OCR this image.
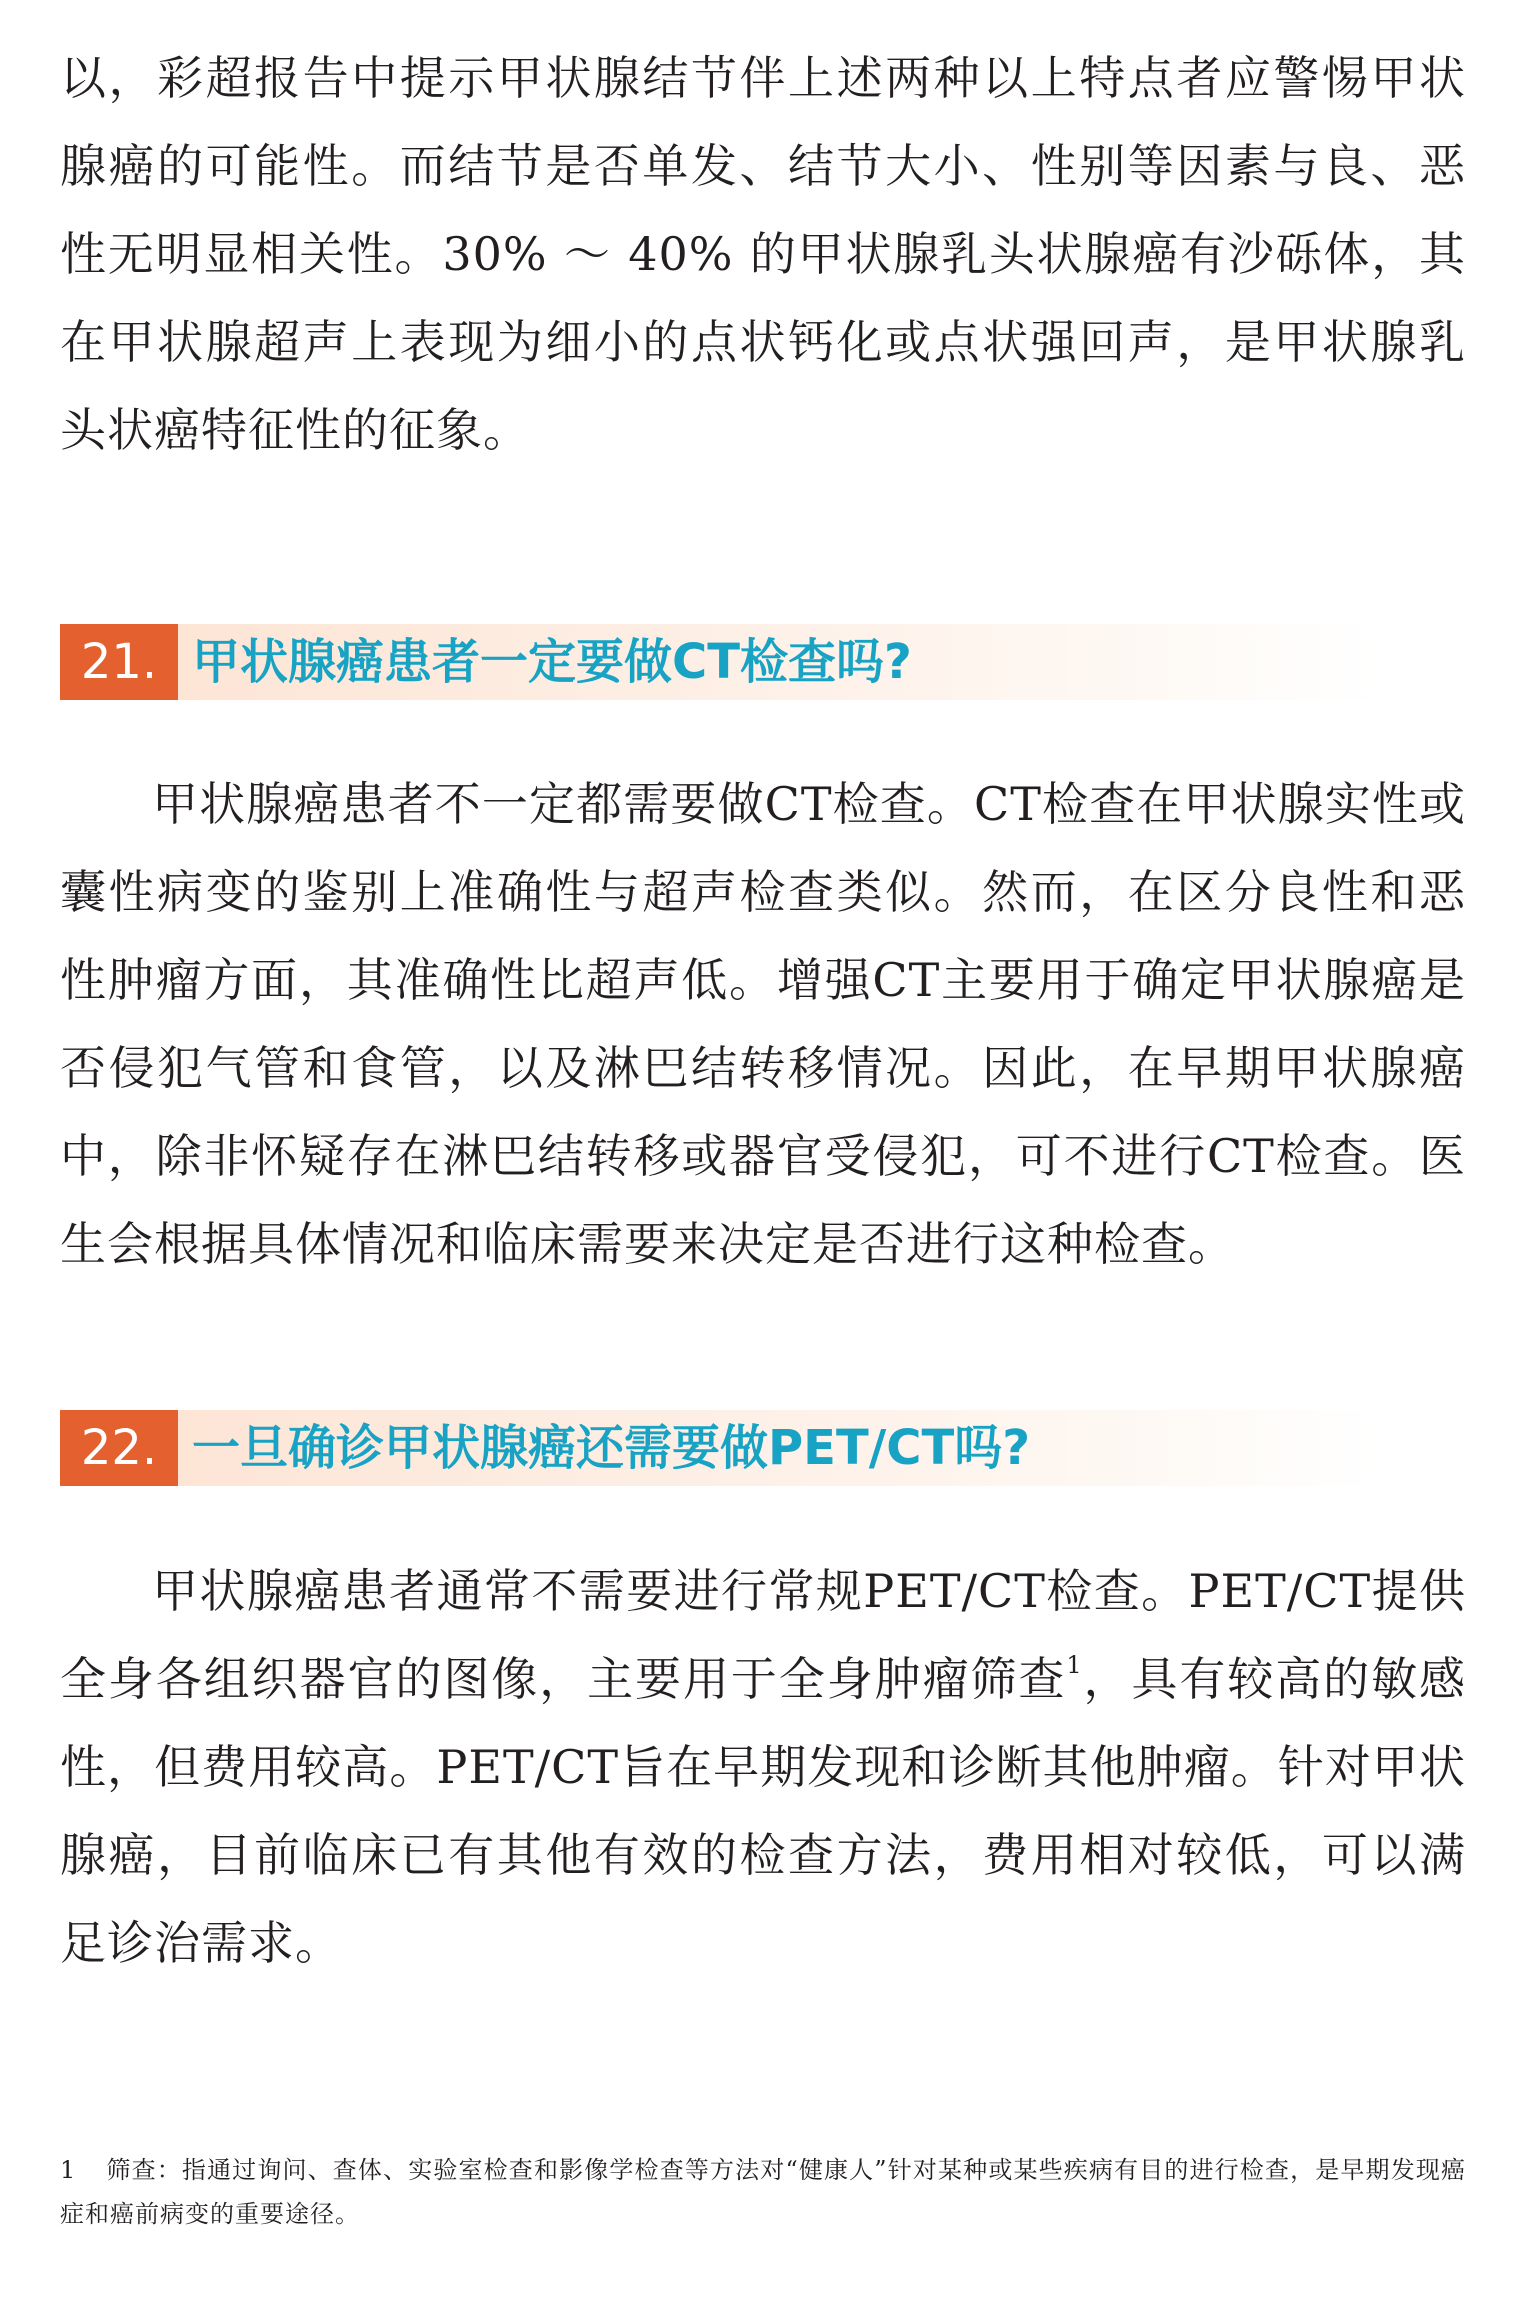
以，彩超报告中提示甲状腺结节伴上述两种以上特点者应警惕甲状腺癌的可能性。而结节是否单发、结节大小、性别等因素与良、恶性无明显相关性。30% ～ 40% 的甲状腺乳头状腺癌有沙砾体，其在甲状腺超声上表现为细小的点状钙化或点状强回声，是甲状腺乳头状癌特征性的征象。

21. 甲状腺癌患者一定要做CT检查吗?

甲状腺癌患者不一定都需要做CT检查。CT检查在甲状腺实性或囊性病变的鉴别上准确性与超声检查类似。然而，在区分良性和恶性肿瘤方面，其准确性比超声低。增强CT主要用于确定甲状腺癌是否侵犯气管和食管，以及淋巴结转移情况。因此，在早期甲状腺癌中，除非怀疑存在淋巴结转移或器官受侵犯，可不进行CT检查。医生会根据具体情况和临床需要来决定是否进行这种检查。

22. 一旦确诊甲状腺癌还需要做PET/CT吗?

甲状腺癌患者通常不需要进行常规PET/CT检查。PET/CT提供全身各组织器官的图像，主要用于全身肿瘤筛查$^1$，具有较高的敏感性，但费用较高。PET/CT旨在早期发现和诊断其他肿瘤。针对甲状腺癌，目前临床已有其他有效的检查方法，费用相对较低，可以满足诊治需求。

1 筛查：指通过询问、查体、实验室检查和影像学检查等方法对“健康人”针对某种或某些疾病有目的进行检查，是早期发现癌症和癌前病变的重要途径。
